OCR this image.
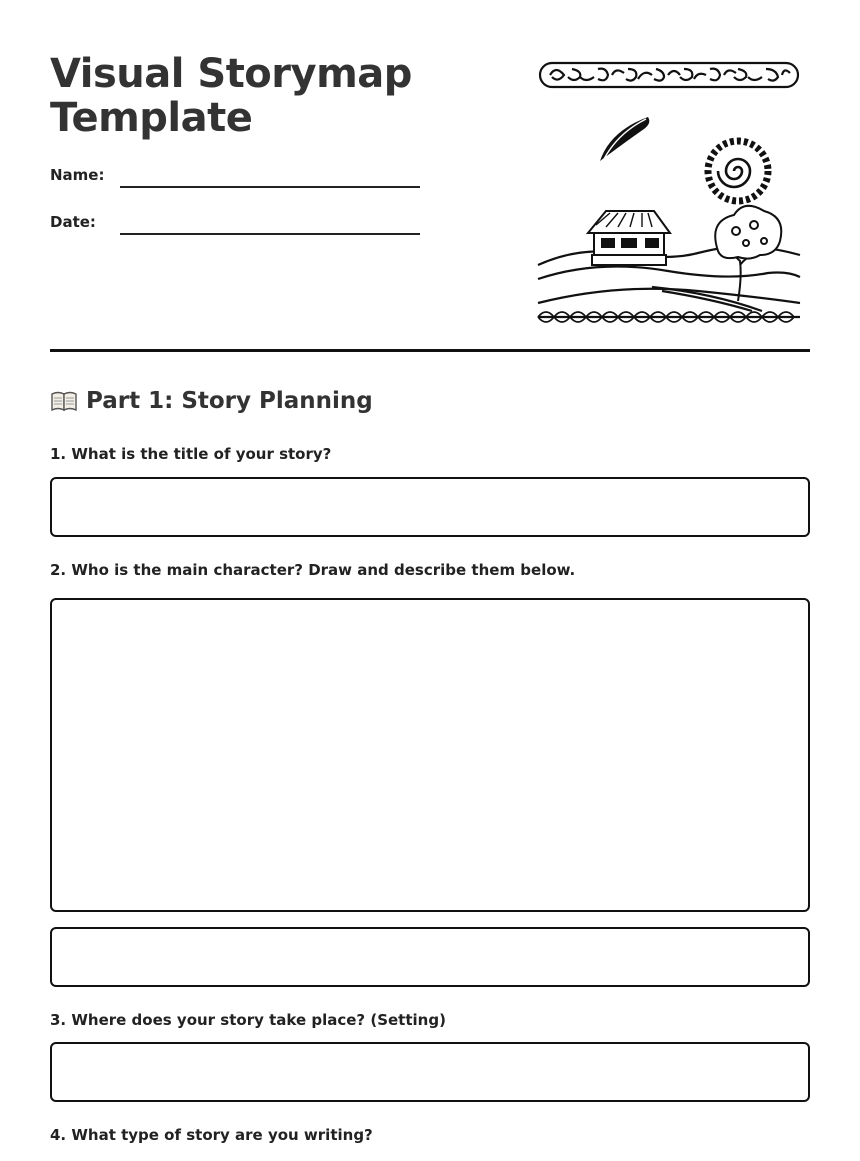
Visual Storymap
Template
Name:
Date:
Part 1: Story Planning

1. What is the title of your story?

2. Who is the main character? Draw and describe them below.

3. Where does your story take place? (Setting)

4. What type of story are you writing?
